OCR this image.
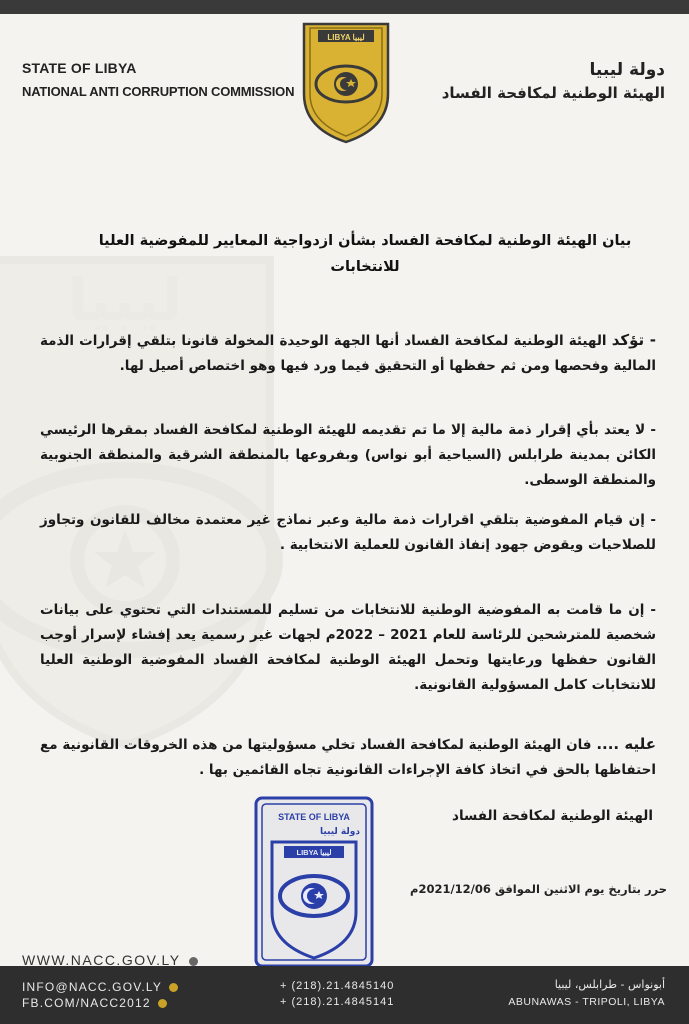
ليبيا
STATE OF LIBYA
NATIONAL ANTI CORRUPTION COMMISSION
LIBYA ليبيا
دولة ليبيا
الهيئة الوطنية لمكافحة الفساد
بيان الهيئة الوطنية لمكافحة الفساد بشأن ازدواجية المعايير للمفوضية العليا للانتخابات
- تؤكد الهيئة الوطنية لمكافحة الفساد أنها الجهة الوحيدة المخولة قانونا بتلقي إقرارات الذمة المالية وفحصها ومن ثم حفظها أو التحقيق فيما ورد فيها وهو اختصاص أصيل لها.
- لا يعتد بأي إقرار ذمة مالية إلا ما تم تقديمه للهيئة الوطنية لمكافحة الفساد بمقرها الرئيسي الكائن بمدينة طرابلس (السياحية أبو نواس) وبفروعها بالمنطقة الشرقية والمنطقة الجنوبية والمنطقة الوسطى.
- إن قيام المفوضية بتلقي اقرارات ذمة مالية وعبر نماذج غير معتمدة مخالف للقانون وتجاوز للصلاحيات ويقوض جهود إنفاذ القانون للعملية الانتخابية .
- إن ما قامت به المفوضية الوطنية للانتخابات من تسليم للمستندات التي تحتوي على بيانات شخصية للمترشحين للرئاسة للعام 2021 – 2022م لجهات غير رسمية يعد إفشاء لإسرار أوجب القانون حفظها ورعايتها وتحمل الهيئة الوطنية لمكافحة الفساد المفوضية الوطنية العليا للانتخابات كامل المسؤولية القانونية.
عليه .... فان الهيئة الوطنية لمكافحة الفساد تخلي مسؤوليتها من هذه الخروقات القانونية مع احتفاظها بالحق في اتخاذ كافة الإجراءات القانونية تجاه القائمين بها .
الهيئة الوطنية لمكافحة الفساد
STATE OF LIBYA
دولة ليبيا
LIBYA ليبيا
حرر بتاريخ يوم الاثنين الموافق 2021/12/06م
WWW.NACC.GOV.LY
INFO@NACC.GOV.LY
FB.COM/NACC2012
+ (218).21.4845140
+ (218).21.4845141
أبونواس - طرابلس، ليبيا
ABUNAWAS - TRIPOLI, LIBYA
